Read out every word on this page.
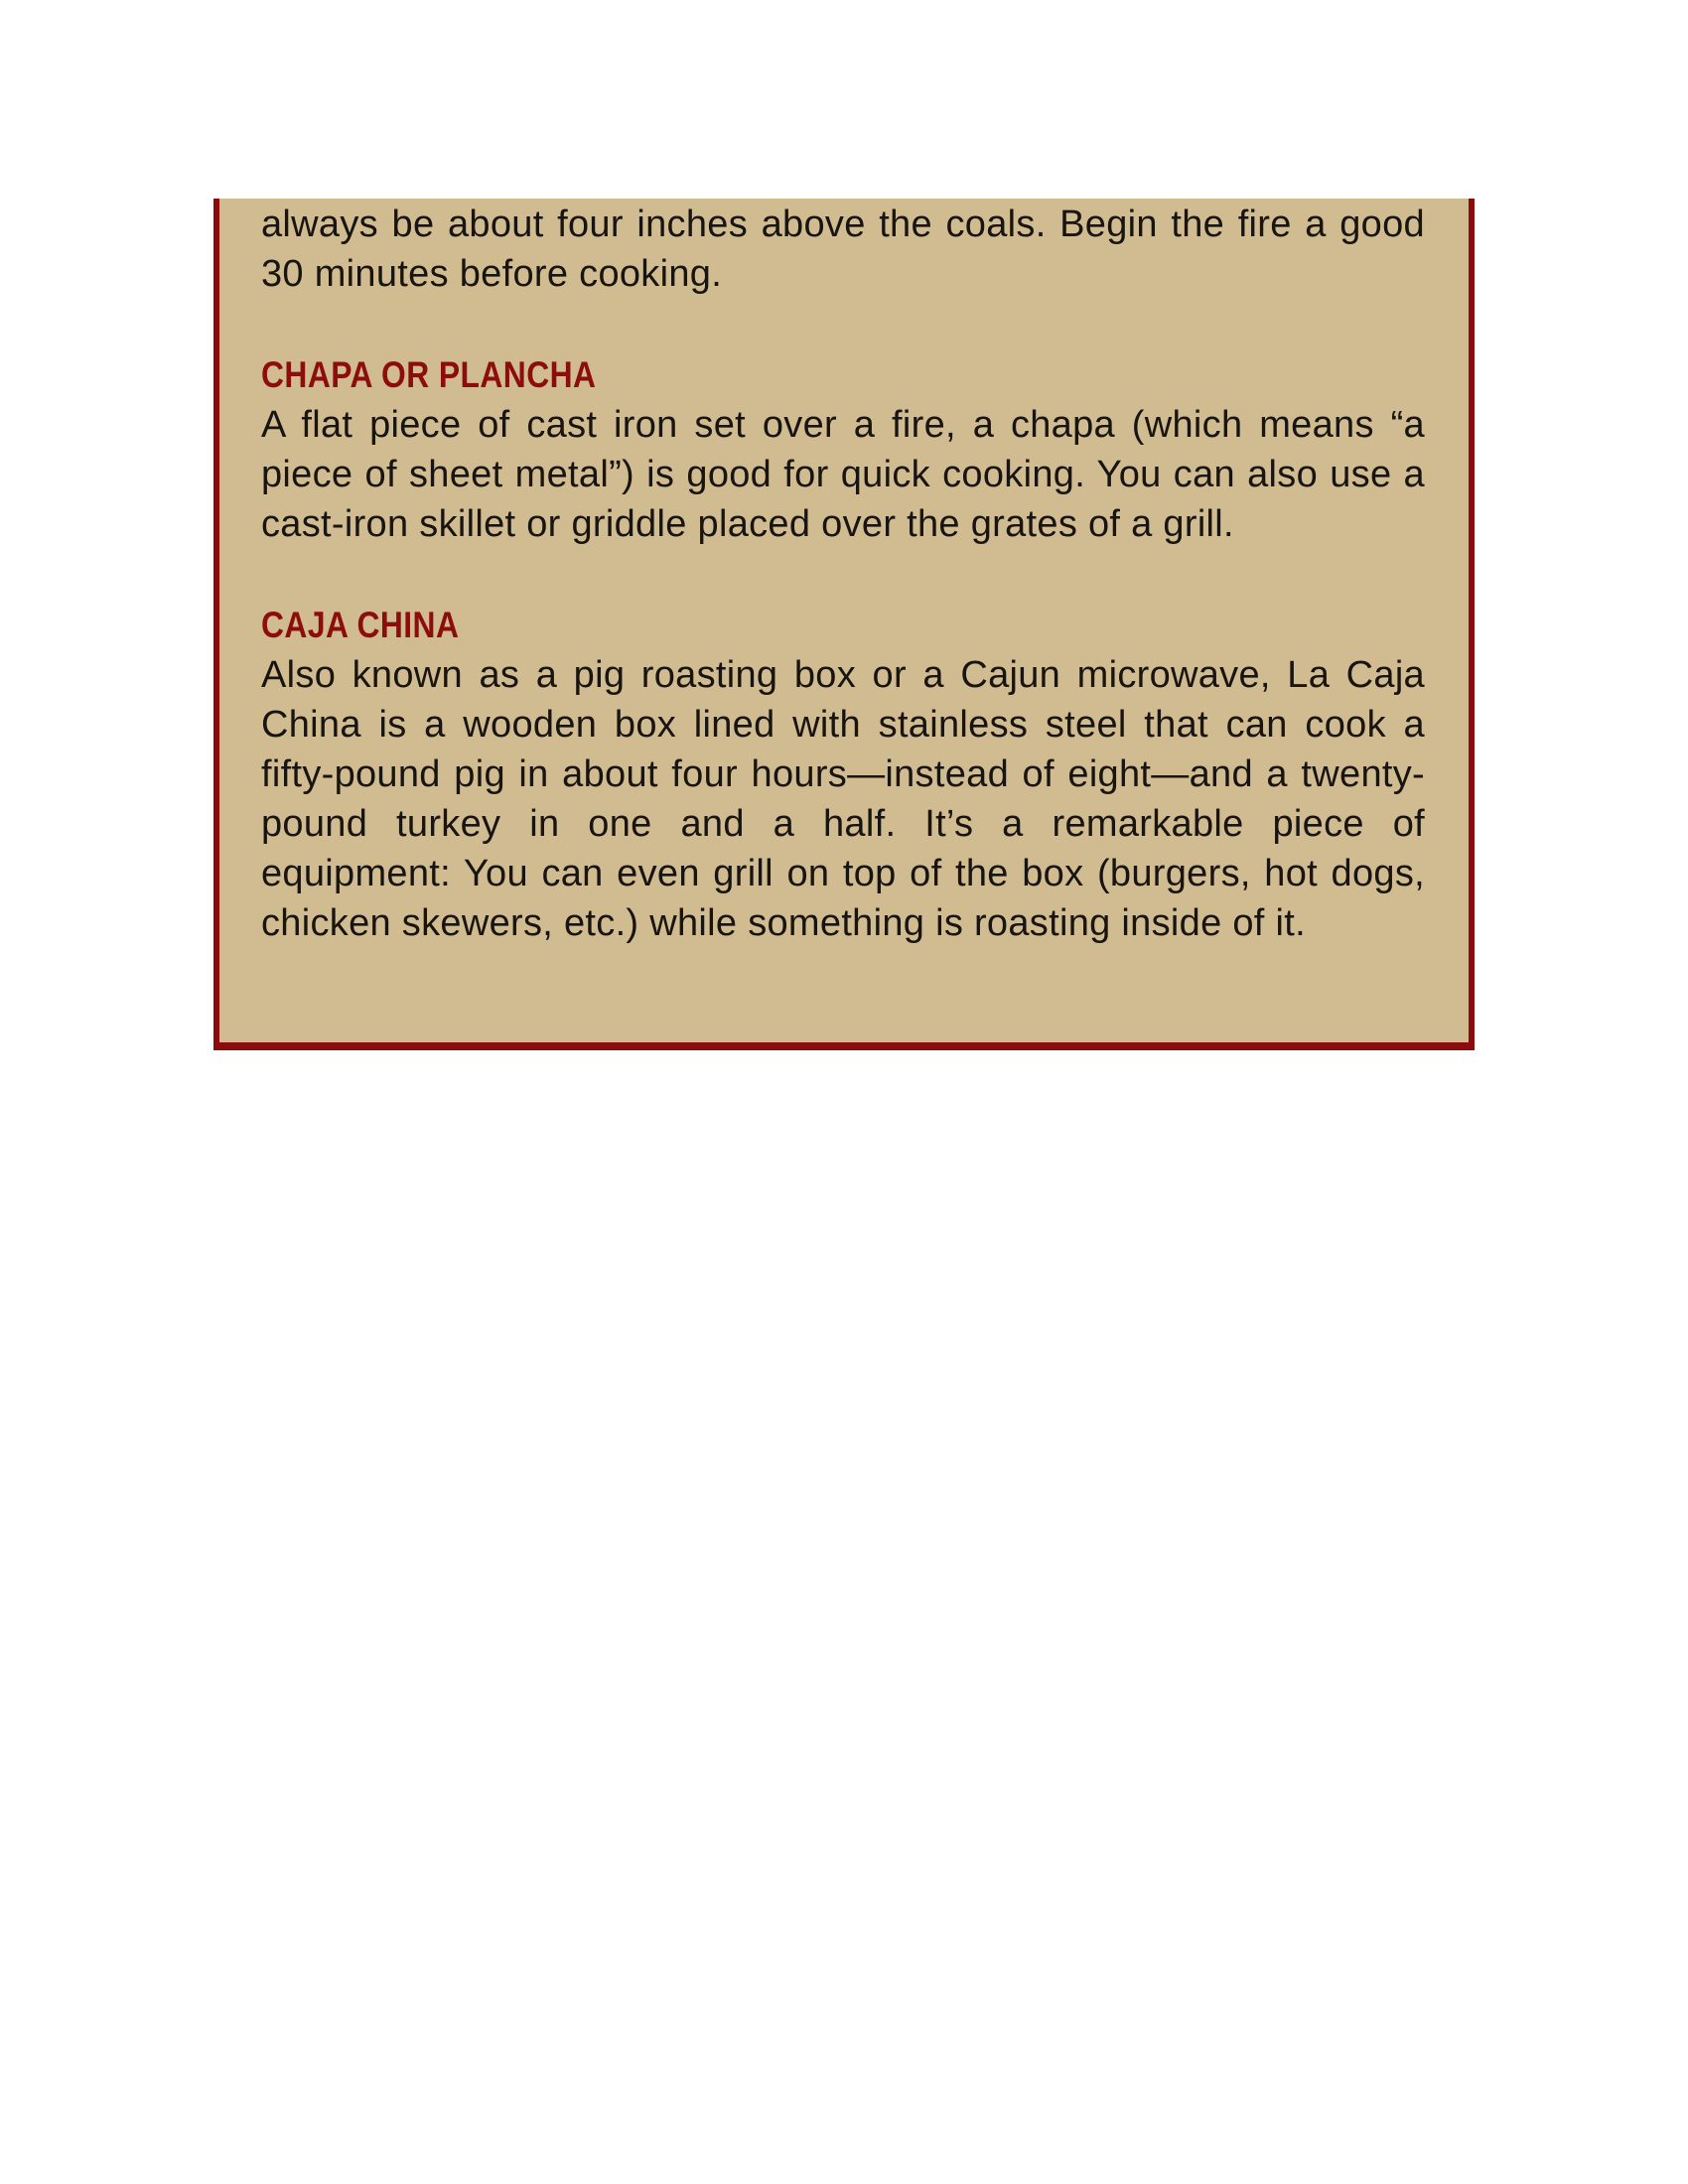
always be about four inches above the coals. Begin the fire a good 30 minutes before cooking.

CHAPA OR PLANCHA

A flat piece of cast iron set over a fire, a chapa (which means “a piece of sheet metal”) is good for quick cooking. You can also use a cast-iron skillet or griddle placed over the grates of a grill.

CAJA CHINA

Also known as a pig roasting box or a Cajun microwave, La Caja China is a wooden box lined with stainless steel that can cook a fifty-pound pig in about four hours—instead of eight—and a twenty-pound turkey in one and a half. It’s a remarkable piece of equipment: You can even grill on top of the box (burgers, hot dogs, chicken skewers, etc.) while something is roasting inside of it.
